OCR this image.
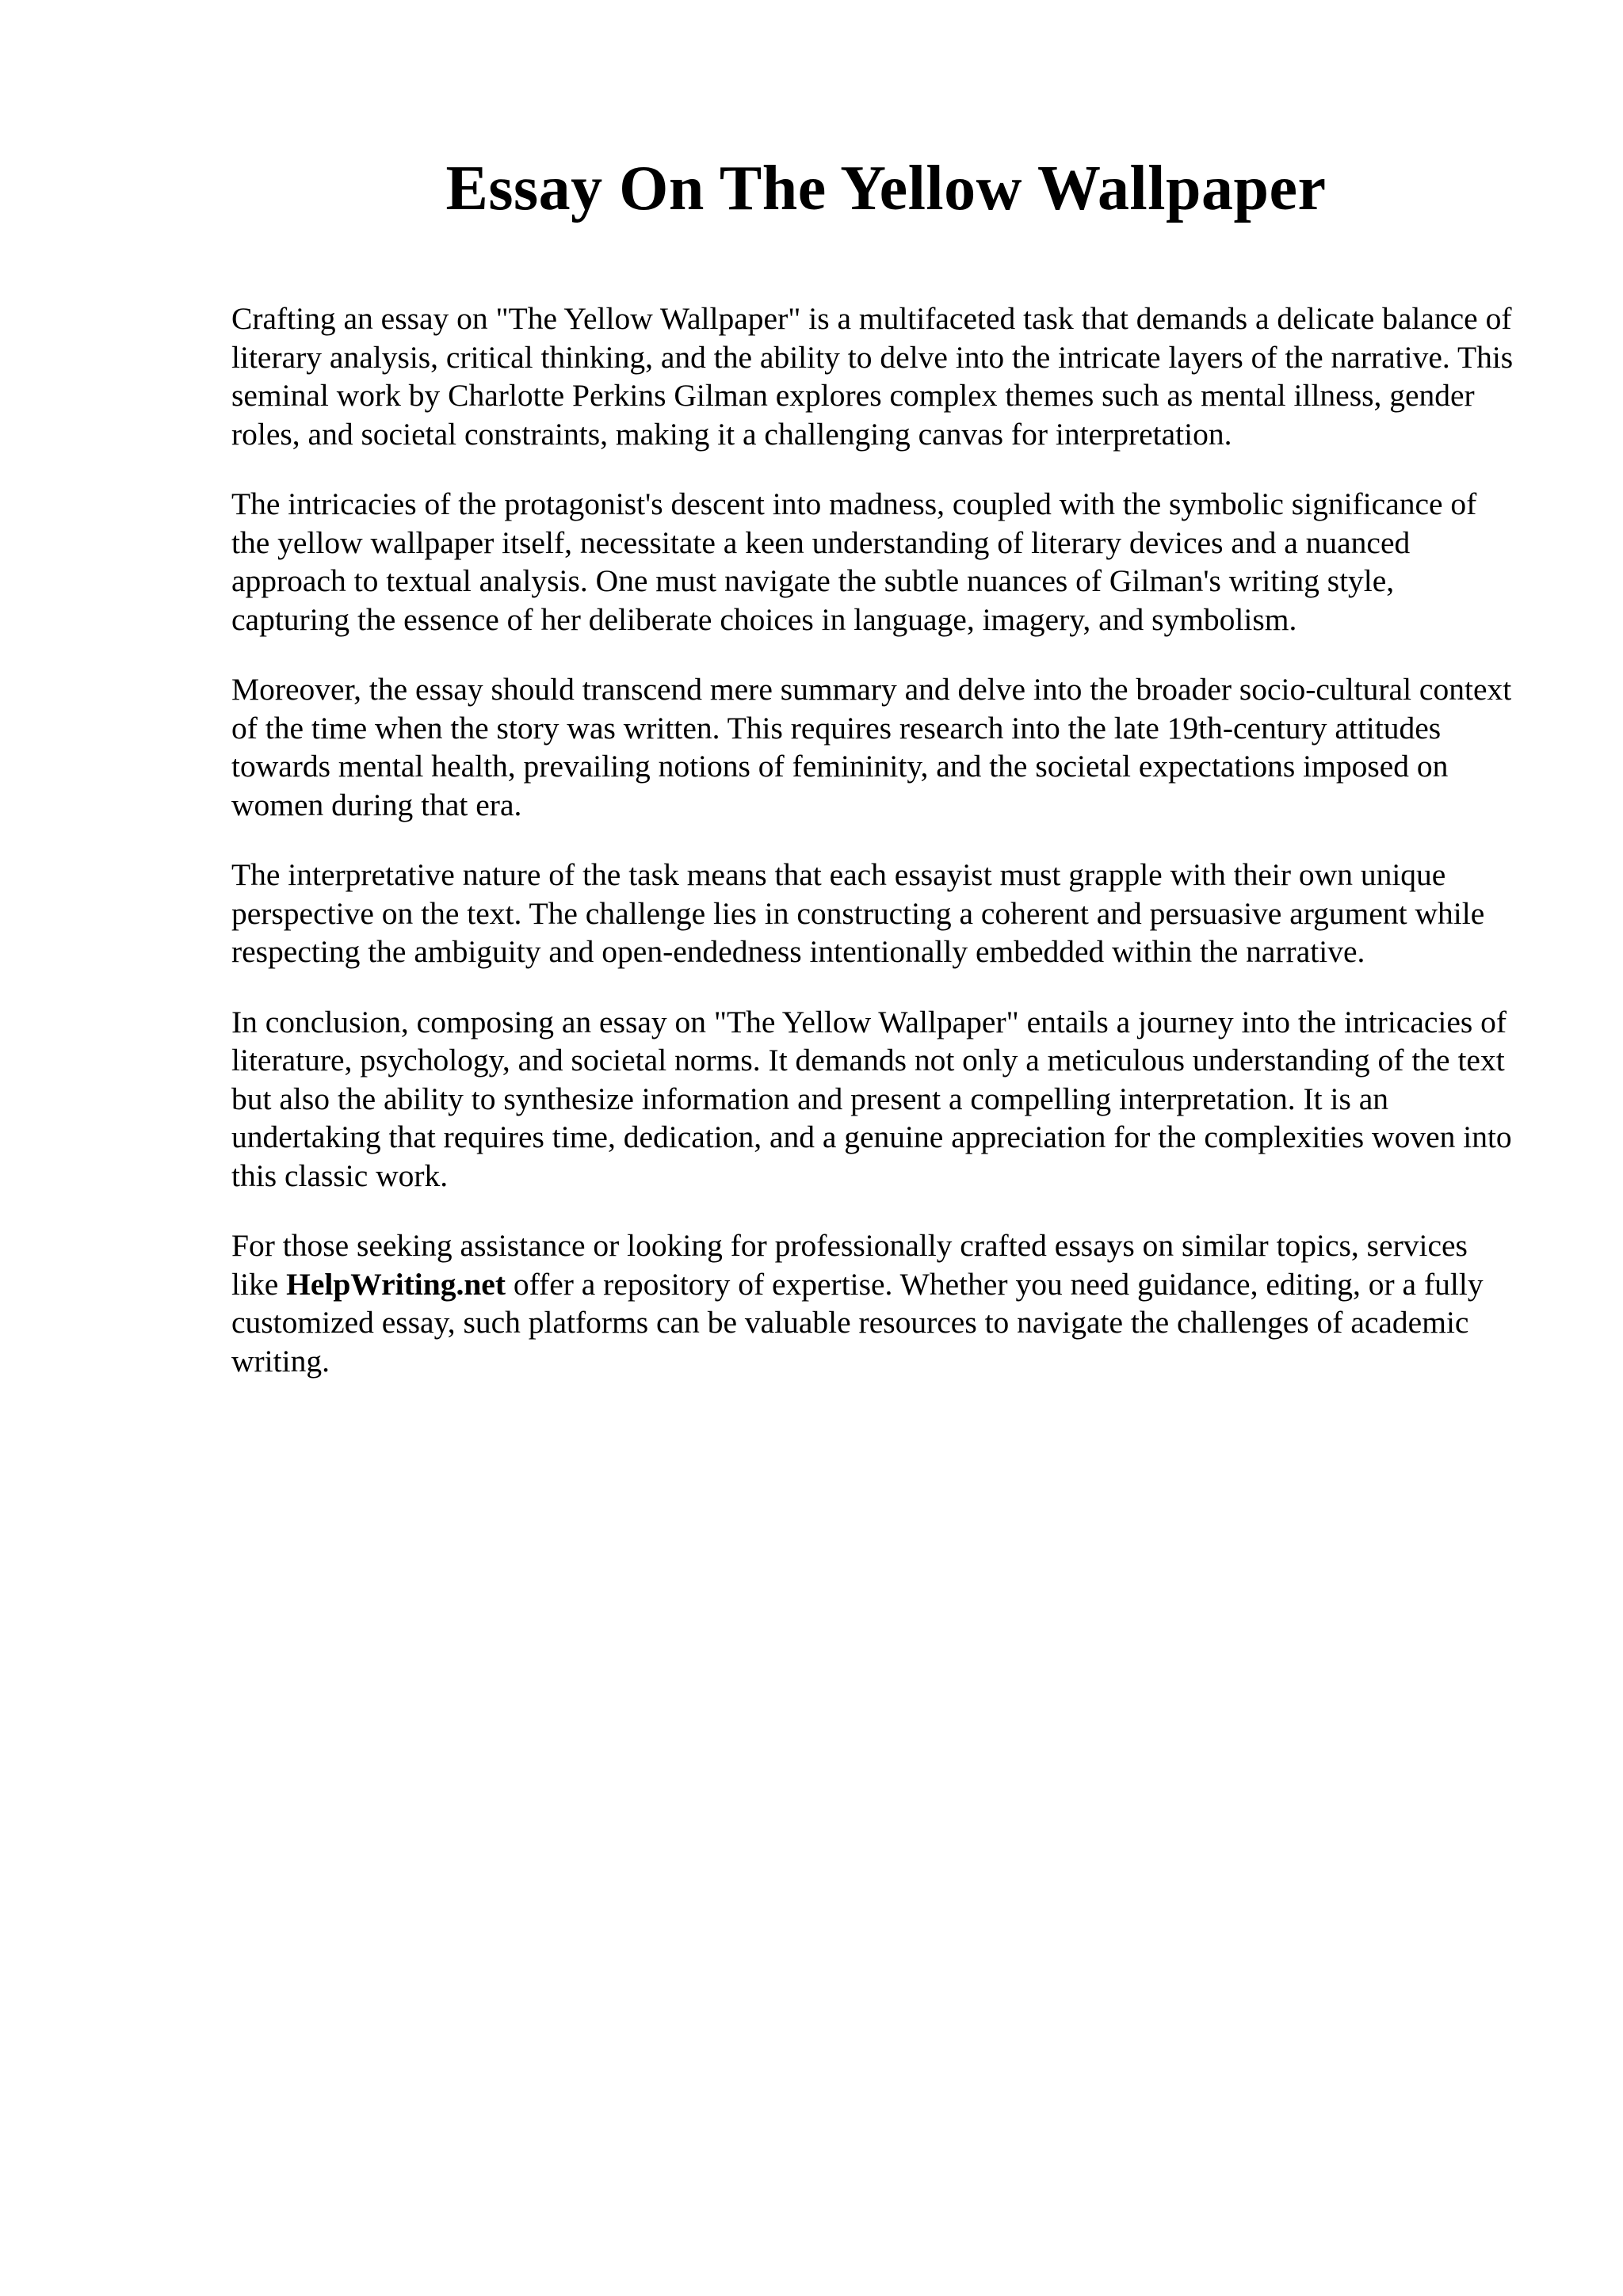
Essay On The Yellow Wallpaper

Crafting an essay on "The Yellow Wallpaper" is a multifaceted task that demands a delicate balance of literary analysis, critical thinking, and the ability to delve into the intricate layers of the narrative. This seminal work by Charlotte Perkins Gilman explores complex themes such as mental illness, gender roles, and societal constraints, making it a challenging canvas for interpretation.

The intricacies of the protagonist's descent into madness, coupled with the symbolic significance of the yellow wallpaper itself, necessitate a keen understanding of literary devices and a nuanced approach to textual analysis. One must navigate the subtle nuances of Gilman's writing style, capturing the essence of her deliberate choices in language, imagery, and symbolism.

Moreover, the essay should transcend mere summary and delve into the broader socio-cultural context of the time when the story was written. This requires research into the late 19th-century attitudes towards mental health, prevailing notions of femininity, and the societal expectations imposed on women during that era.

The interpretative nature of the task means that each essayist must grapple with their own unique perspective on the text. The challenge lies in constructing a coherent and persuasive argument while respecting the ambiguity and open-endedness intentionally embedded within the narrative.

In conclusion, composing an essay on "The Yellow Wallpaper" entails a journey into the intricacies of literature, psychology, and societal norms. It demands not only a meticulous understanding of the text but also the ability to synthesize information and present a compelling interpretation. It is an undertaking that requires time, dedication, and a genuine appreciation for the complexities woven into this classic work.

For those seeking assistance or looking for professionally crafted essays on similar topics, services like HelpWriting.net offer a repository of expertise. Whether you need guidance, editing, or a fully customized essay, such platforms can be valuable resources to navigate the challenges of academic writing.
